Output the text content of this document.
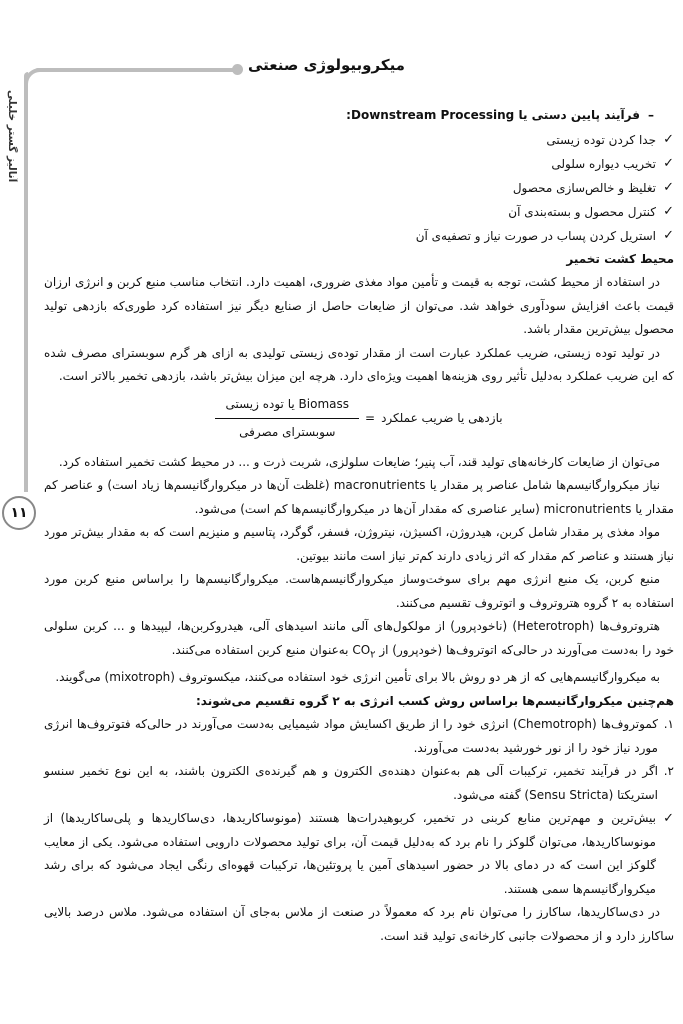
میکروبیولوژی صنعتی
آنالیز گستر خلیلی
۱۱
–فرآیند پایین دستی یا Downstream Processing:
✓
جدا کردن توده زیستی
✓
تخریب دیواره سلولی
✓
تغلیظ و خالص‌سازی محصول
✓
کنترل محصول و بسته‌بندی آن
✓
استریل کردن پساب در صورت نیاز و تصفیه‌ی آن
محیط کشت تخمیر

در استفاده از محیط کشت، توجه به قیمت و تأمین مواد مغذی ضروری، اهمیت دارد. انتخاب مناسب منبع کربن و انرژی ارزان قیمت باعث افزایش سودآوری خواهد شد. می‌توان از ضایعات حاصل از صنایع دیگر نیز استفاده کرد طوری‌که بازدهی تولید محصول بیش‌ترین مقدار باشد.

در تولید توده زیستی، ضریب عملکرد عبارت است از مقدار توده‌ی زیستی تولیدی به ازای هر گرم سوبسترای مصرف شده که این ضریب عملکرد به‌دلیل تأثیر روی هزینه‌ها اهمیت ویژه‌ای دارد. هرچه این میزان بیش‌تر باشد، بازدهی تخمیر بالاتر است.

بازدهی یا ضریب عملکرد
=
$\frac{\text{Biomass یا توده زیستی}}{\text{سوبسترای مصرفی}}$

می‌توان از ضایعات کارخانه‌های تولید قند، آب پنیر؛ ضایعات سلولزی، شربت ذرت و ... در محیط کشت تخمیر استفاده کرد.

نیاز میکروارگانیسم‌ها شامل عناصر پر مقدار یا macronutrients (غلظت آن‌ها در میکروارگانیسم‌ها زیاد است) و عناصر کم مقدار یا micronutrients (سایر عناصری که مقدار آن‌ها در میکروارگانیسم‌ها کم است) می‌شود.

مواد مغذی پر مقدار شامل کربن، هیدروژن، اکسیژن، نیتروژن، فسفر، گوگرد، پتاسیم و منیزیم است که به مقدار بیش‌تر مورد نیاز هستند و عناصر کم مقدار که اثر زیادی دارند کم‌تر نیاز است مانند بیوتین.

منبع کربن، یک منبع انرژی مهم برای سوخت‌وساز میکروارگانیسم‌هاست. میکروارگانیسم‌ها را براساس منبع کربن مورد استفاده به ۲ گروه هتروتروف و اتوتروف تقسیم می‌کنند.

هتروتروف‌ها (Heterotroph) (ناخودپرور) از مولکول‌های آلی مانند اسیدهای آلی، هیدروکربن‌ها، لیپیدها و ... کربن سلولی خود را به‌دست می‌آورند در حالی‌که اتوتروف‌ها (خودپرور) از $CO_۲$ به‌عنوان منبع کربن استفاده می‌کنند.

به میکروارگانیسم‌هایی که از هر دو روش بالا برای تأمین انرژی خود استفاده می‌کنند، میکسوتروف (mixotroph) می‌گویند.

هم‌چنین میکروارگانیسم‌ها براساس روش کسب انرژی به ۲ گروه تقسیم می‌شوند:
۱.
کموتروف‌ها (Chemotroph) انرژی خود را از طریق اکسایش مواد شیمیایی به‌دست می‌آورند در حالی‌که فتوتروف‌ها انرژی مورد نیاز خود را از نور خورشید به‌دست می‌آورند.
۲.
اگر در فرآیند تخمیر، ترکیبات آلی هم به‌عنوان دهنده‌ی الکترون و هم گیرنده‌ی الکترون باشند، به این نوع تخمیر سنسو استریکتا (Sensu Stricta) گفته می‌شود.
✓
بیش‌ترین و مهم‌ترین منابع کربنی در تخمیر، کربوهیدرات‌ها هستند (مونوساکاریدها، دی‌ساکاریدها و پلی‌ساکاریدها) از مونوساکاریدها، می‌توان گلوکز را نام برد که به‌دلیل قیمت آن، برای تولید محصولات دارویی استفاده می‌شود. یکی از معایب گلوکز این است که در دمای بالا در حضور اسیدهای آمین یا پروتئین‌ها، ترکیبات قهوه‌ای رنگی ایجاد می‌شود که برای رشد میکروارگانیسم‌ها سمی هستند.

در دی‌ساکاریدها، ساکارز را می‌توان نام برد که معمولاً در صنعت از ملاس به‌جای آن استفاده می‌شود. ملاس درصد بالایی ساکارز دارد و از محصولات جانبی کارخانه‌ی تولید قند است.
